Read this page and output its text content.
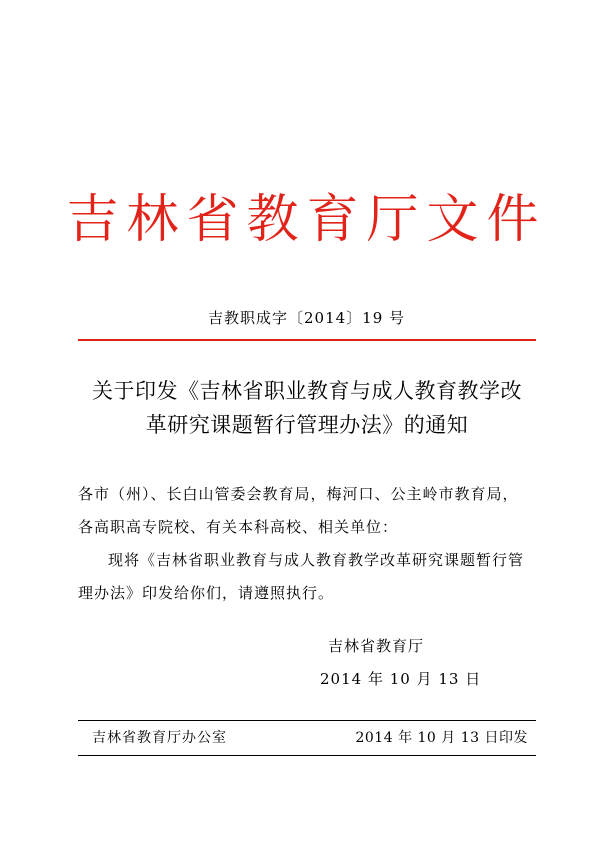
吉林省教育厅文件
吉教职成字〔2014〕19 号
关于印发《吉林省职业教育与成人教育教学改
革研究课题暂行管理办法》的通知
各市（州）、长白山管委会教育局，梅河口、公主岭市教育局，
各高职高专院校、有关本科高校、相关单位：
现将《吉林省职业教育与成人教育教学改革研究课题暂行管
理办法》印发给你们，请遵照执行。
吉林省教育厅
2014 年 10 月 13 日
吉林省教育厅办公室	2014 年 10 月 13 日印发
